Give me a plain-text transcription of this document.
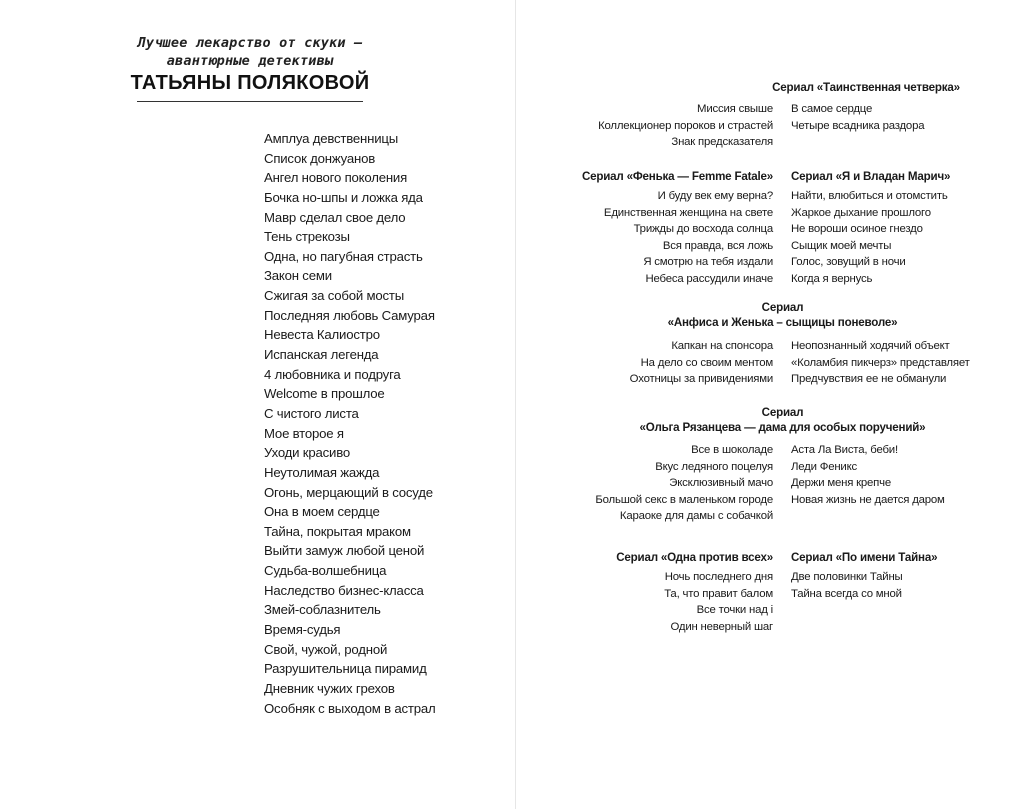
Лучшее лекарство от скуки –
авантюрные детективы
ТАТЬЯНЫ ПОЛЯКОВОЙ
Амплуа девственницы
Список донжуанов
Ангел нового поколения
Бочка но-шпы и ложка яда
Мавр сделал свое дело
Тень стрекозы
Одна, но пагубная страсть
Закон семи
Сжигая за собой мосты
Последняя любовь Самурая
Невеста Калиостро
Испанская легенда
4 любовника и подруга
Welcome в прошлое
С чистого листа
Мое второе я
Уходи красиво
Неутолимая жажда
Огонь, мерцающий в сосуде
Она в моем сердце
Тайна, покрытая мраком
Выйти замуж любой ценой
Судьба-волшебница
Наследство бизнес-класса
Змей-соблазнитель
Время-судья
Свой, чужой, родной
Разрушительница пирамид
Дневник чужих грехов
Особняк с выходом в астрал
Сериал «Таинственная четверка»
Миссия свыше
Коллекционер пороков и страстей
Знак предсказателя
В самое сердце
Четыре всадника раздора
Сериал «Фенька — Femme Fatale»
И буду век ему верна?
Единственная женщина на свете
Трижды до восхода солнца
Вся правда, вся ложь
Я смотрю на тебя издали
Небеса рассудили иначе
Сериал «Я и Владан Марич»
Найти, влюбиться и отомстить
Жаркое дыхание прошлого
Не вороши осиное гнездо
Сыщик моей мечты
Голос, зовущий в ночи
Когда я вернусь
Сериал
«Анфиса и Женька – сыщицы поневоле»
Капкан на спонсора
На дело со своим ментом
Охотницы за привидениями
Неопознанный ходячий объект
«Коламбия пикчерз» представляет
Предчувствия ее не обманули
Сериал
«Ольга Рязанцева — дама для особых поручений»
Все в шоколаде
Вкус ледяного поцелуя
Эксклюзивный мачо
Большой секс в маленьком городе
Караоке для дамы с собачкой
Аста Ла Виста, беби!
Леди Феникс
Держи меня крепче
Новая жизнь не дается даром
Сериал «Одна против всех»
Ночь последнего дня
Та, что правит балом
Все точки над i
Один неверный шаг
Сериал «По имени Тайна»
Две половинки Тайны
Тайна всегда со мной
